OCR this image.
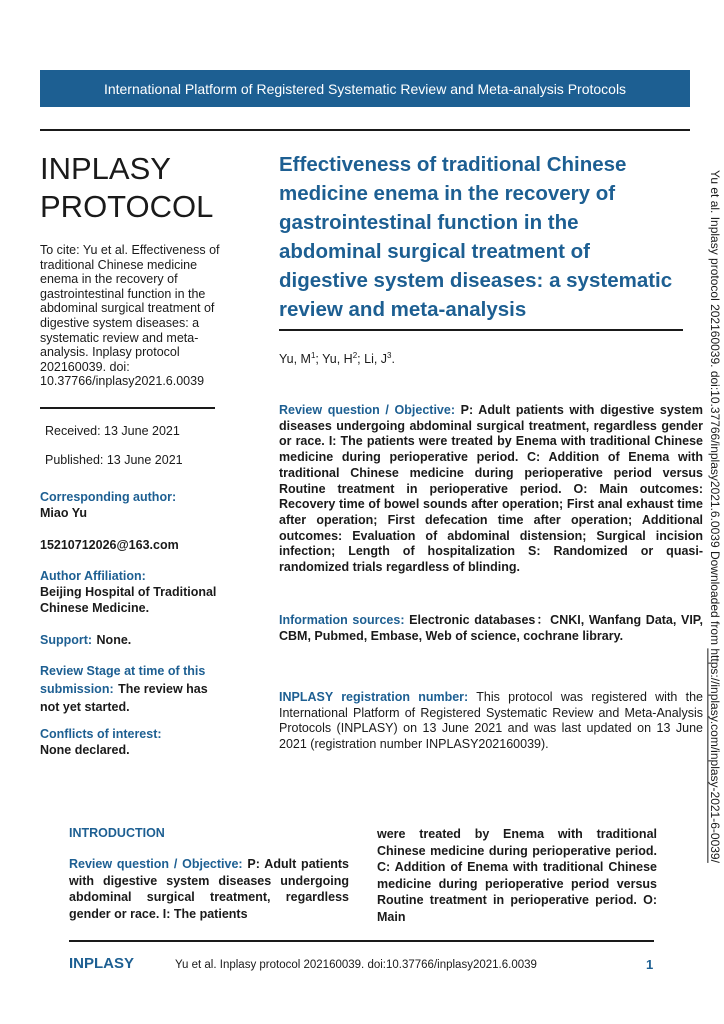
International Platform of Registered Systematic Review and Meta-analysis Protocols
INPLASY
PROTOCOL
To cite: Yu et al. Effectiveness of traditional Chinese medicine enema in the recovery of gastrointestinal function in the abdominal surgical treatment of digestive system diseases: a systematic review and meta-analysis. Inplasy protocol 202160039. doi: 10.37766/inplasy2021.6.0039
Received: 13 June 2021
Published: 13 June 2021
Corresponding author:
Miao Yu
15210712026@163.com
Author Affiliation:
Beijing Hospital of Traditional Chinese Medicine.
Support: None.
Review Stage at time of this submission: The review has not yet started.
Conflicts of interest:
None declared.
Effectiveness of traditional Chinese medicine enema in the recovery of gastrointestinal function in the abdominal surgical treatment of digestive system diseases: a systematic review and meta-analysis
Yu, $M^1$; Yu, $H^2$; Li, $J^3$.
Review question / Objective: P: Adult patients with digestive system diseases undergoing abdominal surgical treatment, regardless gender or race. I: The patients were treated by Enema with traditional Chinese medicine during perioperative period. C: Addition of Enema with traditional Chinese medicine during perioperative period versus Routine treatment in perioperative period. O: Main outcomes: Recovery time of bowel sounds after operation; First anal exhaust time after operation; First defecation time after operation; Additional outcomes: Evaluation of abdominal distension; Surgical incision infection; Length of hospitalization S: Randomized or quasi- randomized trials regardless of blinding.
Information sources: Electronic databases：CNKI, Wanfang Data, VIP, CBM, Pubmed, Embase, Web of science, cochrane library.
INPLASY registration number: This protocol was registered with the International Platform of Registered Systematic Review and Meta-Analysis Protocols (INPLASY) on 13 June 2021 and was last updated on 13 June 2021 (registration number INPLASY202160039).
Yu et al. Inplasy protocol 202160039. doi:10.37766/inplasy2021.6.0039 Downloaded from https://inplasy.com/inplasy-2021-6-0039/
INTRODUCTION
Review question / Objective: P: Adult patients with digestive system diseases undergoing abdominal surgical treatment, regardless gender or race. I: The patients
were treated by Enema with traditional Chinese medicine during perioperative period. C: Addition of Enema with traditional Chinese medicine during perioperative period versus Routine treatment in perioperative period. O: Main
INPLASY	Yu et al. Inplasy protocol 202160039. doi:10.37766/inplasy2021.6.0039	1
